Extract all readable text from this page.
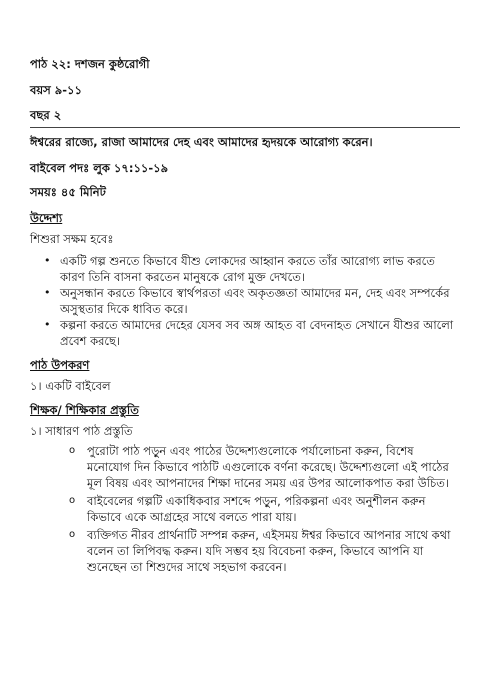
পাঠ ২২: দশজন কুষ্ঠরোগী

বয়স ৯-১১

বছর ২

ঈশ্বরের রাজ্যে, রাজা আমাদের দেহ এবং আমাদের হৃদয়কে আরোগ্য করেন।

বাইবেল পদঃ লুক ১৭:১১-১৯

সময়ঃ ৪৫ মিনিট

উদ্দেশ্য

শিশুরা সক্ষম হবেঃ

• একটি গল্প শুনতে কিভাবে যীশু লোকদের আহ্বান করতে তাঁর আরোগ্য লাভ করতে কারণ তিনি বাসনা করতেন মানুষকে রোগ মুক্ত দেখতে।
• অনুসন্ধান করতে কিভাবে স্বার্থপরতা এবং অকৃতজ্ঞতা আমাদের মন, দেহ এবং সম্পর্কের অসুস্থতার দিকে ধাবিত করে।
• কল্পনা করতে আমাদের দেহের যেসব সব অঙ্গ আহত বা বেদনাহত সেখানে যীশুর আলো প্রবেশ করছে।

পাঠ উপকরণ

১। একটি বাইবেল

শিক্ষক/ শিক্ষিকার প্রস্তুতি

১। সাধারণ পাঠ প্রস্তুতি

o পুরোটা পাঠ পড়ুন এবং পাঠের উদ্দেশ্যগুলোকে পর্যালোচনা করুন, বিশেষ মনোযোগ দিন কিভাবে পাঠটি এগুলোকে বর্ণনা করেছে। উদ্দেশ্যগুলো এই পাঠের মূল বিষয় এবং আপনাদের শিক্ষা দানের সময় এর উপর আলোকপাত করা উচিত।
o বাইবেলের গল্পটি একাধিকবার সশব্দে পড়ুন, পরিকল্পনা এবং অনুশীলন করুন কিভাবে একে আগ্রহের সাথে বলতে পারা যায়।
o ব্যক্তিগত নীরব প্রার্থনাটি সম্পন্ন করুন, এইসময় ঈশ্বর কিভাবে আপনার সাথে কথা বলেন তা লিপিবদ্ধ করুন। যদি সম্ভব হয় বিবেচনা করুন, কিভাবে আপনি যা শুনেছেন তা শিশুদের সাথে সহভাগ করবেন।
